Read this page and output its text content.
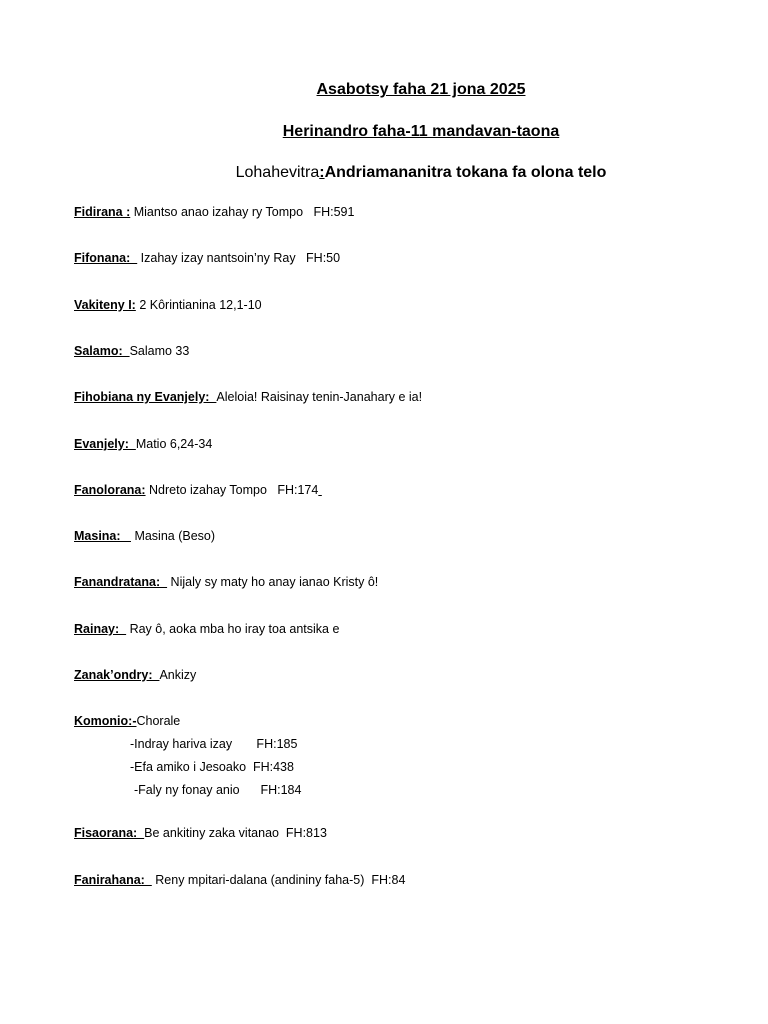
Asabotsy faha 21 jona 2025
Herinandro faha-11 mandavan-taona
Lohahevitra:Andriamananitra tokana fa olona telo
Fidirana : Miantso anao izahay ry Tompo   FH:591
Fifonana:   Izahay izay nantsoin’ny Ray   FH:50
Vakiteny I: 2 Kôrintianina 12,1-10
Salamo:  Salamo 33
Fihobiana ny Evanjely:  Aleloia! Raisinay tenin-Janahary e ia!
Evanjely:  Matio 6,24-34
Fanolorana: Ndreto izahay Tompo   FH:174
Masina:    Masina (Beso)
Fanandratana:   Nijaly sy maty ho anay ianao Kristy ô!
Rainay:   Ray ô, aoka mba ho iray toa antsika e
Zanak’ondry:  Ankizy
Komonio:-Chorale
-Indray hariva izay       FH:185
-Efa amiko i Jesoako  FH:438
-Faly ny fonay anio      FH:184
Fisaorana:  Be ankitiny zaka vitanao  FH:813
Fanirahana:   Reny mpitari-dalana (andininy faha-5)  FH:84
